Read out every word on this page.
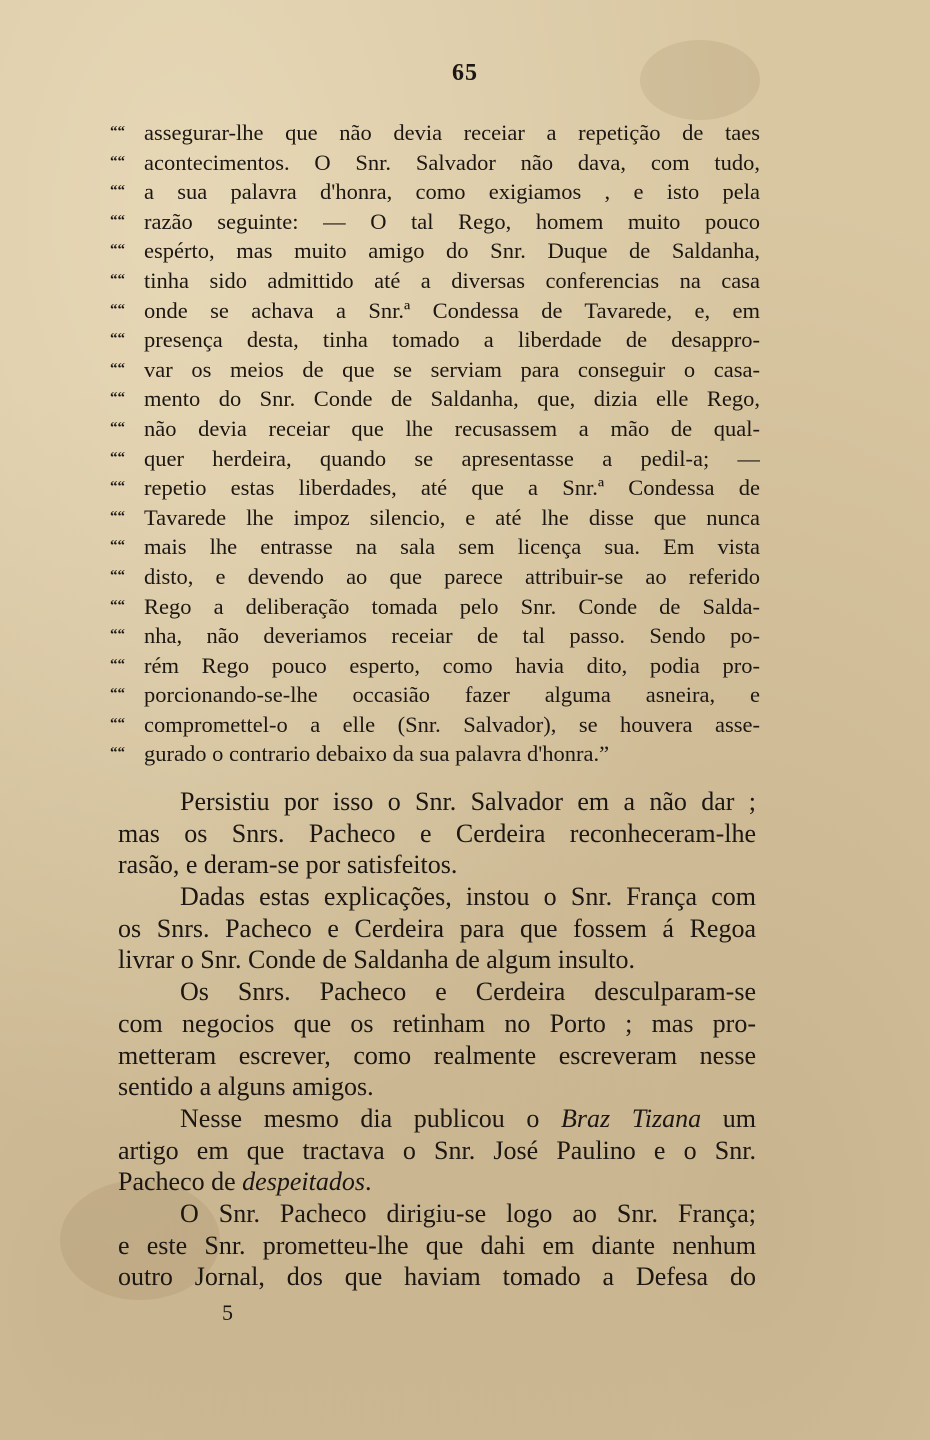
65
““ assegurar-lhe que não devia receiar a repetição de taes
““ acontecimentos. O Snr. Salvador não dava, com tudo,
““ a sua palavra d'honra, como exigiamos , e isto pela
““ razão seguinte: — O tal Rego, homem muito pouco
““ espérto, mas muito amigo do Snr. Duque de Saldanha,
““ tinha sido admittido até a diversas conferencias na casa
““ onde se achava a Snr.ª Condessa de Tavarede, e, em
““ presença desta, tinha tomado a liberdade de desappro-
““ var os meios de que se serviam para conseguir o casa-
““ mento do Snr. Conde de Saldanha, que, dizia elle Rego,
““ não devia receiar que lhe recusassem a mão de qual-
““ quer herdeira, quando se apresentasse a pedil-a; —
““ repetio estas liberdades, até que a Snr.ª Condessa de
““ Tavarede lhe impoz silencio, e até lhe disse que nunca
““ mais lhe entrasse na sala sem licença sua. Em vista
““ disto, e devendo ao que parece attribuir-se ao referido
““ Rego a deliberação tomada pelo Snr. Conde de Salda-
““ nha, não deveriamos receiar de tal passo. Sendo po-
““ rém Rego pouco esperto, como havia dito, podia pro-
““ porcionando-se-lhe occasião fazer alguma asneira, e
““ compromettel-o a elle (Snr. Salvador), se houvera asse-
““ gurado o contrario debaixo da sua palavra d'honra.”
Persistiu por isso o Snr. Salvador em a não dar ;
mas os Snrs. Pacheco e Cerdeira reconheceram-lhe
rasão, e deram-se por satisfeitos.
Dadas estas explicações, instou o Snr. França com
os Snrs. Pacheco e Cerdeira para que fossem á Regoa
livrar o Snr. Conde de Saldanha de algum insulto.
Os Snrs. Pacheco e Cerdeira desculparam-se
com negocios que os retinham no Porto ; mas pro-
metteram escrever, como realmente escreveram nesse
sentido a alguns amigos.
Nesse mesmo dia publicou o Braz Tizana um
artigo em que tractava o Snr. José Paulino e o Snr.
Pacheco de despeitados.
O Snr. Pacheco dirigiu-se logo ao Snr. França;
e este Snr. prometteu-lhe que dahi em diante nenhum
outro Jornal, dos que haviam tomado a Defesa do
5
